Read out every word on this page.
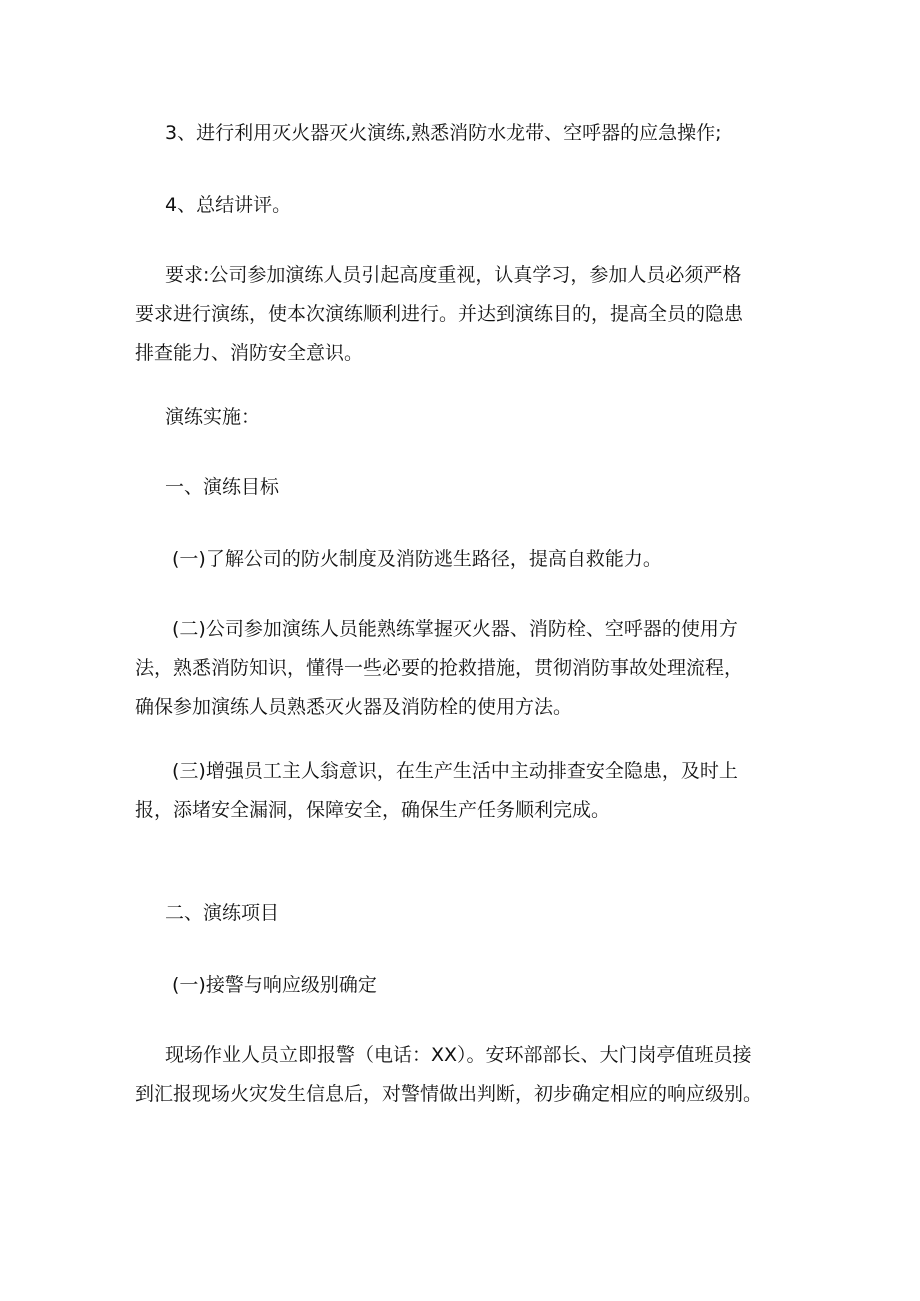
3、进行利用灭火器灭火演练,熟悉消防水龙带、空呼器的应急操作;
4、总结讲评。
要求:公司参加演练人员引起高度重视，认真学习，参加人员必须严格
要求进行演练，使本次演练顺利进行。并达到演练目的，提高全员的隐患
排查能力、消防安全意识。
演练实施：
一、演练目标
(一)了解公司的防火制度及消防逃生路径，提高自救能力。
(二)公司参加演练人员能熟练掌握灭火器、消防栓、空呼器的使用方
法，熟悉消防知识，懂得一些必要的抢救措施，贯彻消防事故处理流程，
确保参加演练人员熟悉灭火器及消防栓的使用方法。
(三)增强员工主人翁意识，在生产生活中主动排查安全隐患，及时上
报，添堵安全漏洞，保障安全，确保生产任务顺利完成。
二、演练项目
(一)接警与响应级别确定
现场作业人员立即报警（电话：XX）。安环部部长、大门岗亭值班员接
到汇报现场火灾发生信息后，对警情做出判断，初步确定相应的响应级别。
